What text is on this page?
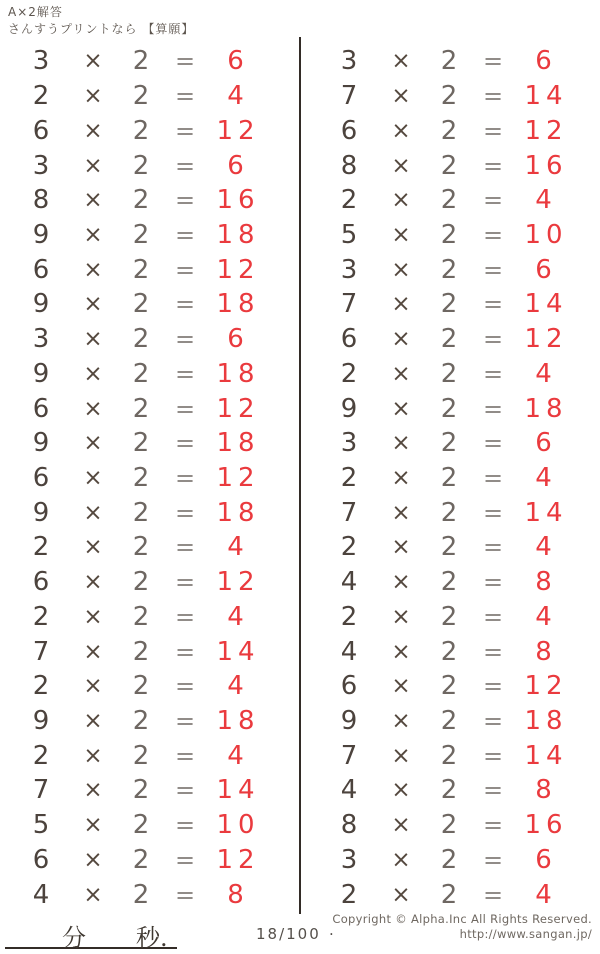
A×2解答
さんすうプリントなら 【算願】
3	×	2	=	6
2	×	2	=	4
6	×	2	= 12
3	×	2	=	6
8	×	2	= 16
9	×	2	= 18
6	×	2	= 12
9	×	2	= 18
3	×	2	=	6
9	×	2	= 18
6	×	2	= 12
9	×	2	= 18
6	×	2	= 12
9	×	2	= 18
2	×	2	=	4
6	×	2	= 12
2	×	2	=	4
7	×	2	= 14
2	×	2	=	4
9	×	2	= 18
2	×	2	=	4
7	×	2	= 14
5	×	2	= 10
6	×	2	= 12
4	×	2	=	8
3	×	2	=	6
7	×	2	= 14
6	×	2	= 12
8	×	2	= 16
2	×	2	=	4
5	×	2	= 10
3	×	2	=	6
7	×	2	= 14
6	×	2	= 12
2	×	2	=	4
9	×	2	= 18
3	×	2	=	6
2	×	2	=	4
7	×	2	= 14
2	×	2	=	4
4	×	2	=	8
2	×	2	=	4
4	×	2	=	8
6	×	2	= 12
9	×	2	= 18
7	×	2	= 14
4	×	2	=	8
8	×	2	= 16
3	×	2	=	6
2	×	2	=	4
分 秒.	18/100 .
Copyright © Alpha.Inc All Rights Reserved.
http://www.sangan.jp/
